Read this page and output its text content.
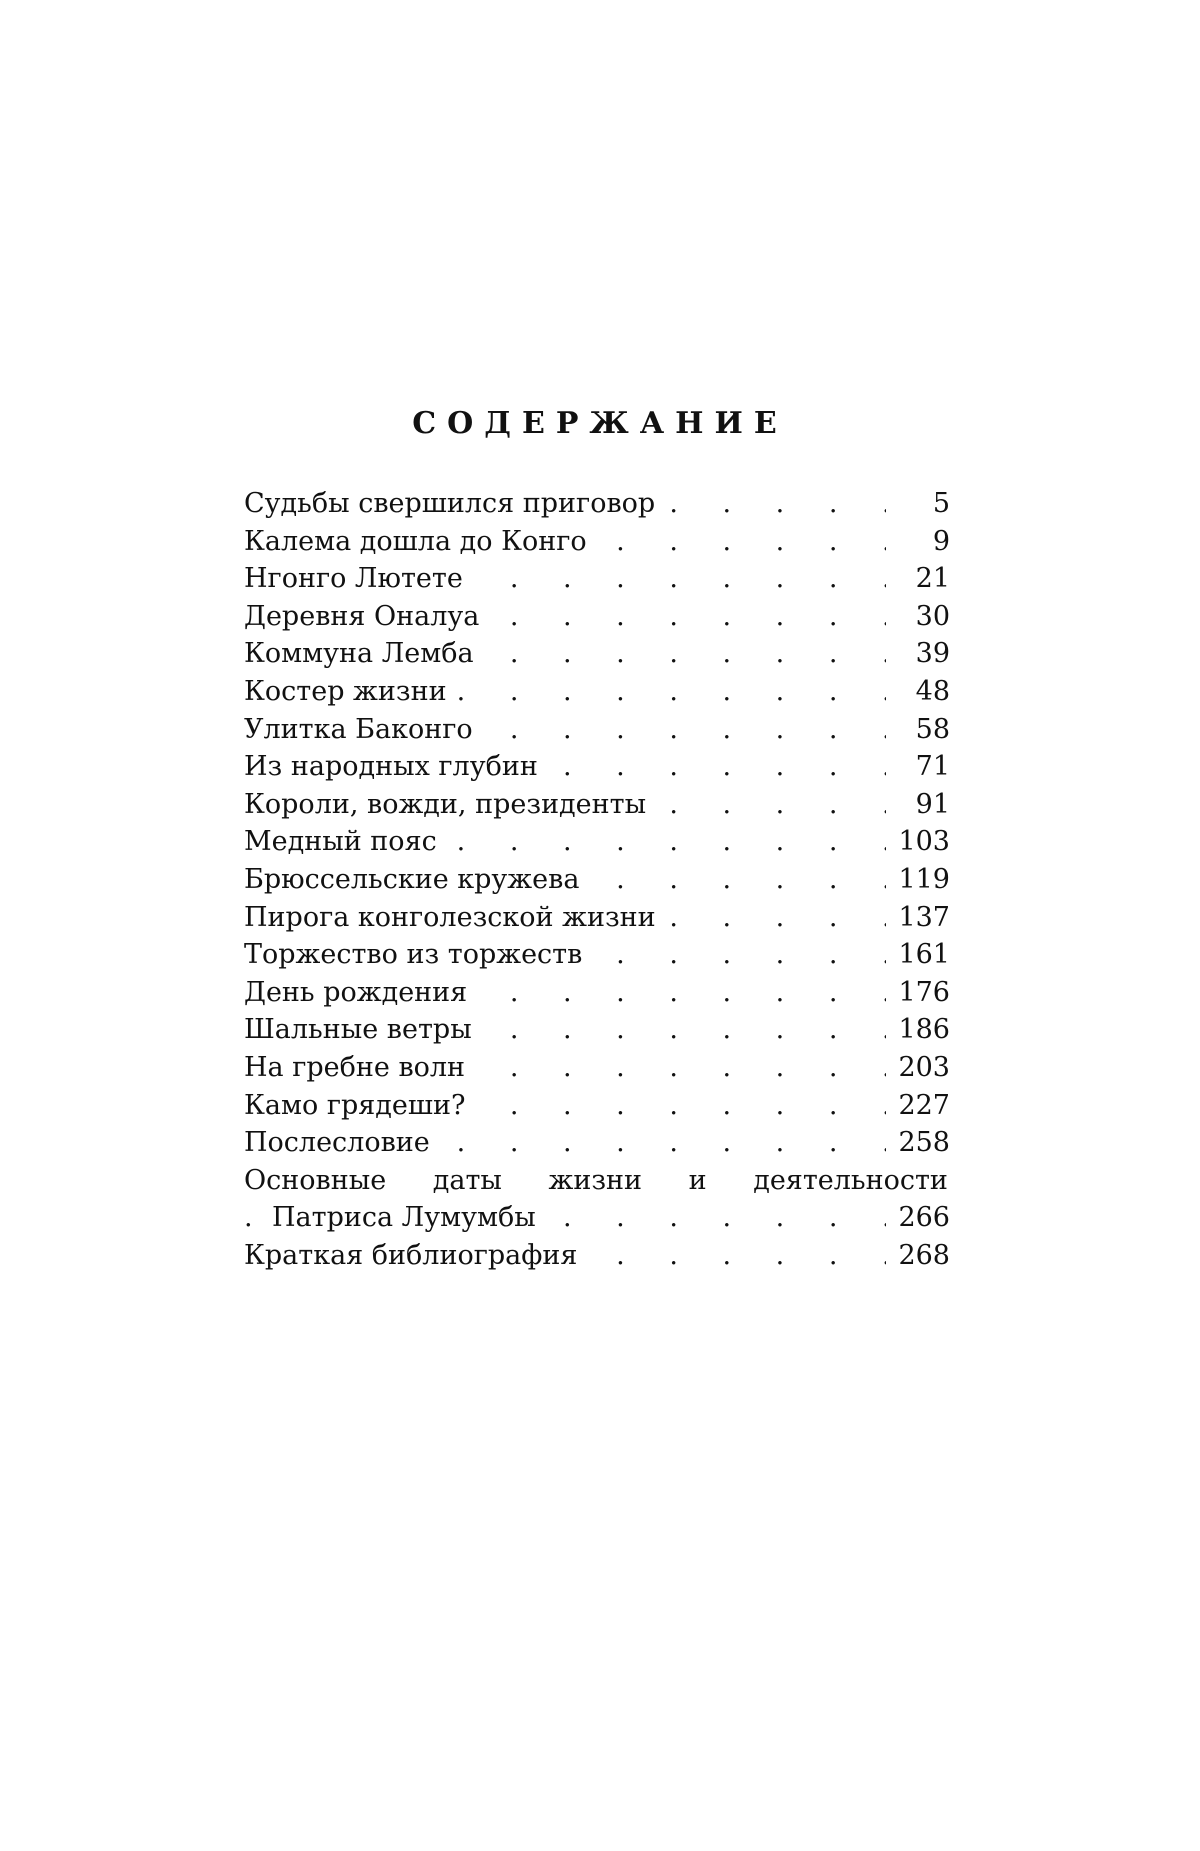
СОДЕРЖАНИЕ
. . .
Судьбы свершился приговор	5
. . .
Калема дошла до Конго	9
. . .
Нгонго Лютете	21
. . .
Деревня Оналуа	30
. . .
Коммуна Лемба	39
. . .
Костер жизни	48
. . .
Улитка Баконго	58
. . .
Из народных глубин	71
. . .
Короли, вожди, президенты	91
. . .
Медный пояс	103
. . .
Брюссельские кружева	119
. . .
Пирога конголезской жизни	137
. . .
Торжество из торжеств	161
. . .
День рождения	176
. . .
Шальные ветры	186
. . .
На гребне волн	203
. . .
Камо грядеши?	227
. . .
Послесловие	258
Основные даты жизни и деятельности
. . .
Патриса Лумумбы	266
. . .
Краткая библиография	268
